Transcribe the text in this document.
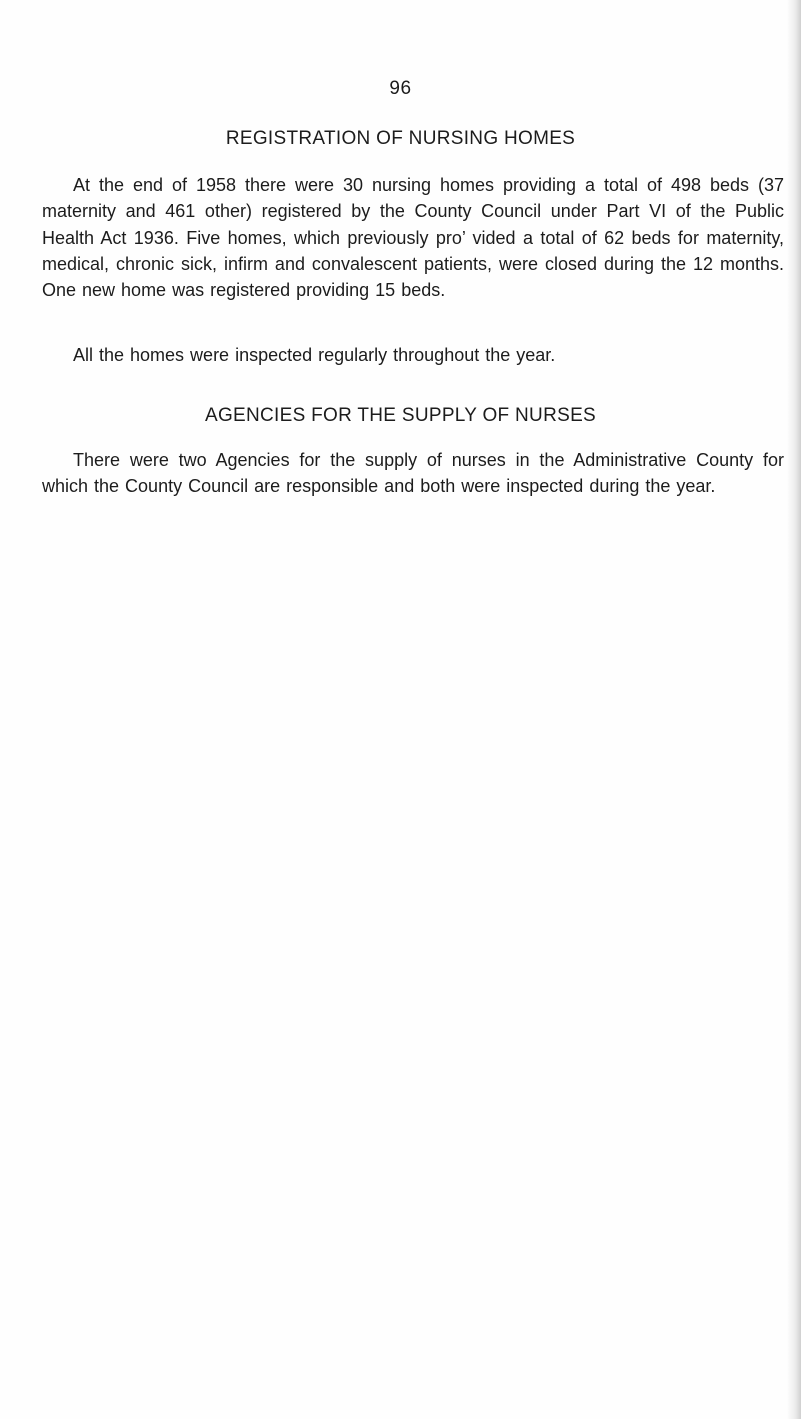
96
REGISTRATION OF NURSING HOMES

At the end of 1958 there were 30 nursing homes providing a total of 498 beds (37 maternity and 461 other) registered by the County Council under Part VI of the Public Health Act 1936. Five homes, which previously pro’ vided a total of 62 beds for maternity, medical, chronic sick, infirm and convalescent patients, were closed during the 12 months. One new home was registered providing 15 beds.

All the homes were inspected regularly throughout the year.

AGENCIES FOR THE SUPPLY OF NURSES

There were two Agencies for the supply of nurses in the Administrative County for which the County Council are responsible and both were inspected during the year.
